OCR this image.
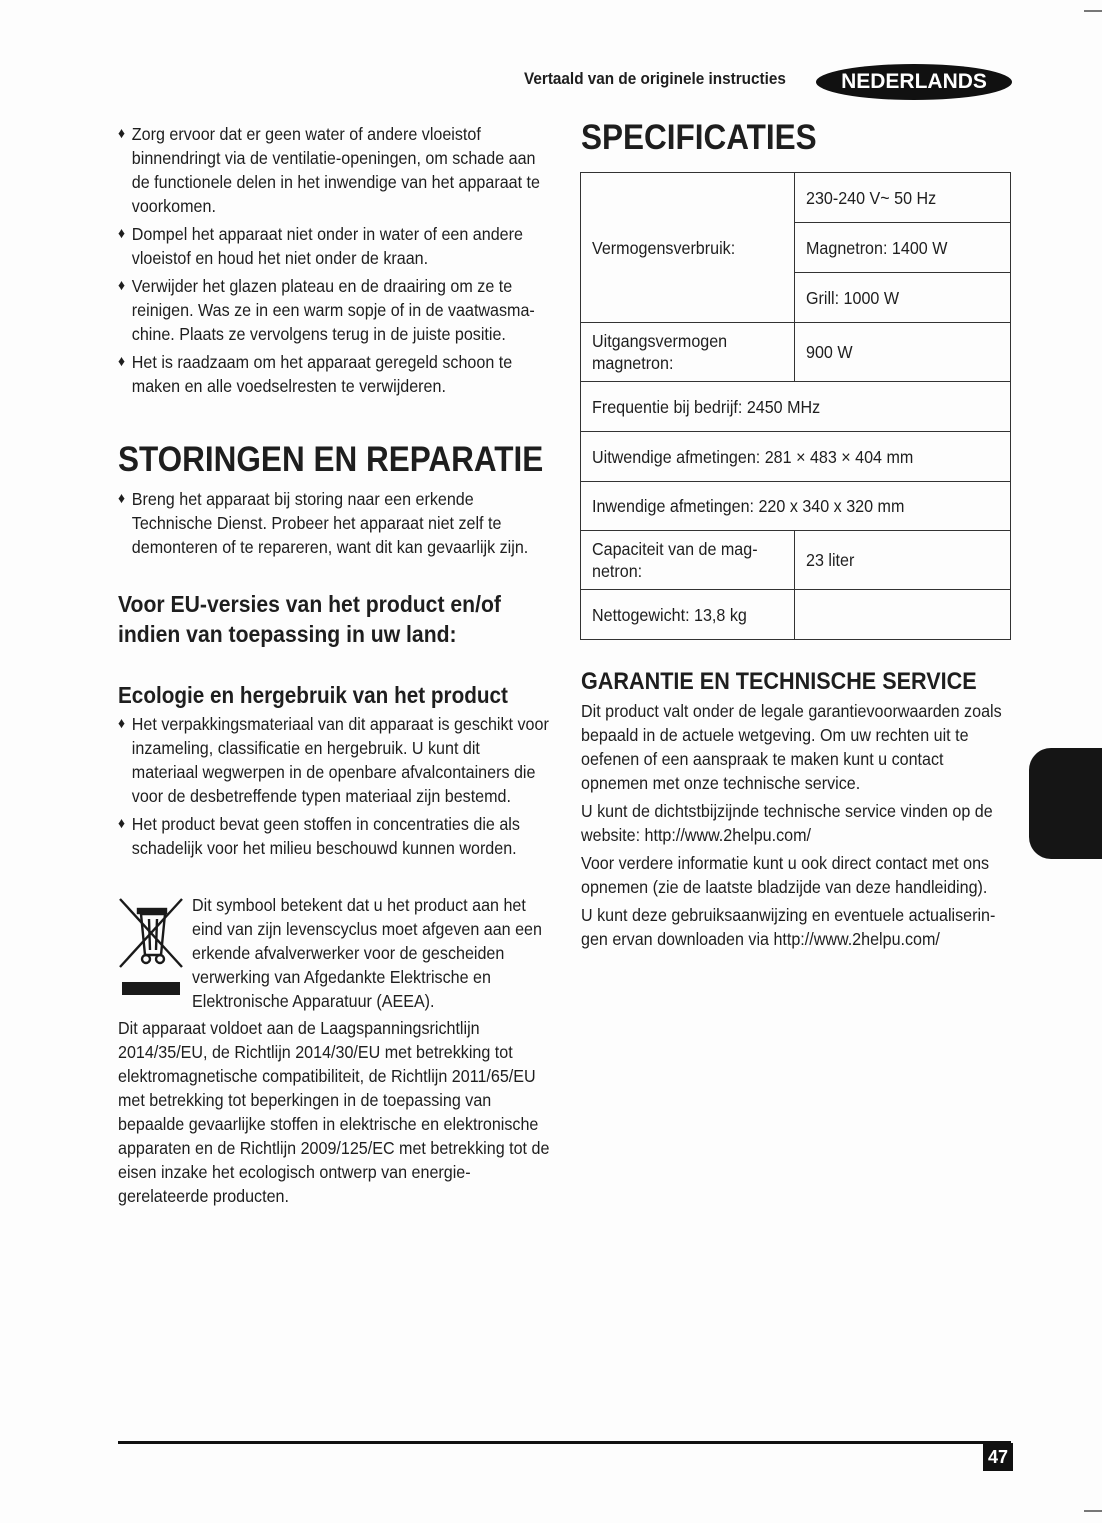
Vertaald van de originele instructies	NEDERLANDS
♦ Zorg ervoor dat er geen water of andere vloeistof binnendringt via de ventilatie-openingen, om schade aan de functionele delen in het inwendige van het apparaat te voorkomen.
♦ Dompel het apparaat niet onder in water of een andere vloeistof en houd het niet onder de kraan.
♦ Verwijder het glazen plateau en de draairing om ze te reinigen. Was ze in een warm sopje of in de vaatwasma-chine. Plaats ze vervolgens terug in de juiste positie.
♦ Het is raadzaam om het apparaat geregeld schoon te maken en alle voedselresten te verwijderen.
STORINGEN EN REPARATIE
♦ Breng het apparaat bij storing naar een erkende Technische Dienst. Probeer het apparaat niet zelf te demonteren of te repareren, want dit kan gevaarlijk zijn.
Voor EU-versies van het product en/of indien van toepassing in uw land:
Ecologie en hergebruik van het product
♦ Het verpakkingsmateriaal van dit apparaat is geschikt voor inzameling, classificatie en hergebruik. U kunt dit materiaal wegwerpen in de openbare afvalcontainers die voor de desbetreffende typen materiaal zijn bestemd.
♦ Het product bevat geen stoffen in concentraties die als schadelijk voor het milieu beschouwd kunnen worden.
Dit symbool betekent dat u het product aan het eind van zijn levenscyclus moet afgeven aan een erkende afvalverwerker voor de gescheiden verwerking van Afgedankte Elektrische en Elektronische Apparatuur (AEEA).
Dit apparaat voldoet aan de Laagspanningsrichtlijn 2014/35/EU, de Richtlijn 2014/30/EU met betrekking tot elektromagnetische compatibiliteit, de Richtlijn 2011/65/EU met betrekking tot beperkingen in de toepassing van bepaalde gevaarlijke stoffen in elektrische en elektronische apparaten en de Richtlijn 2009/125/EC met betrekking tot de eisen inzake het ecologisch ontwerp van energie-gerelateerde producten.
SPECIFICATIES
Vermogensverbruik:	230-240 V~ 50 Hz
	Magnetron: 1400 W
	Grill: 1000 W

Uitgangsvermogen magnetron:	900 W
Frequentie bij bedrijf: 2450 MHz	
Uitwendige afmetingen: 281 × 483 × 404 mm	
Inwendige afmetingen: 220 x 340 x 320 mm	

Capaciteit van de mag-netron:	23 liter
Nettogewicht: 13,8 kg	
GARANTIE EN TECHNISCHE SERVICE
Dit product valt onder de legale garantievoorwaarden zoals bepaald in de actuele wetgeving. Om uw rechten uit te oefenen of een aanspraak te maken kunt u contact opnemen met onze technische service.
U kunt de dichtstbijzijnde technische service vinden op de website: http://www.2helpu.com/
Voor verdere informatie kunt u ook direct contact met ons opnemen (zie de laatste bladzijde van deze handleiding).
U kunt deze gebruiksaanwijzing en eventuele actualiserin-gen ervan downloaden via http://www.2helpu.com/
47
